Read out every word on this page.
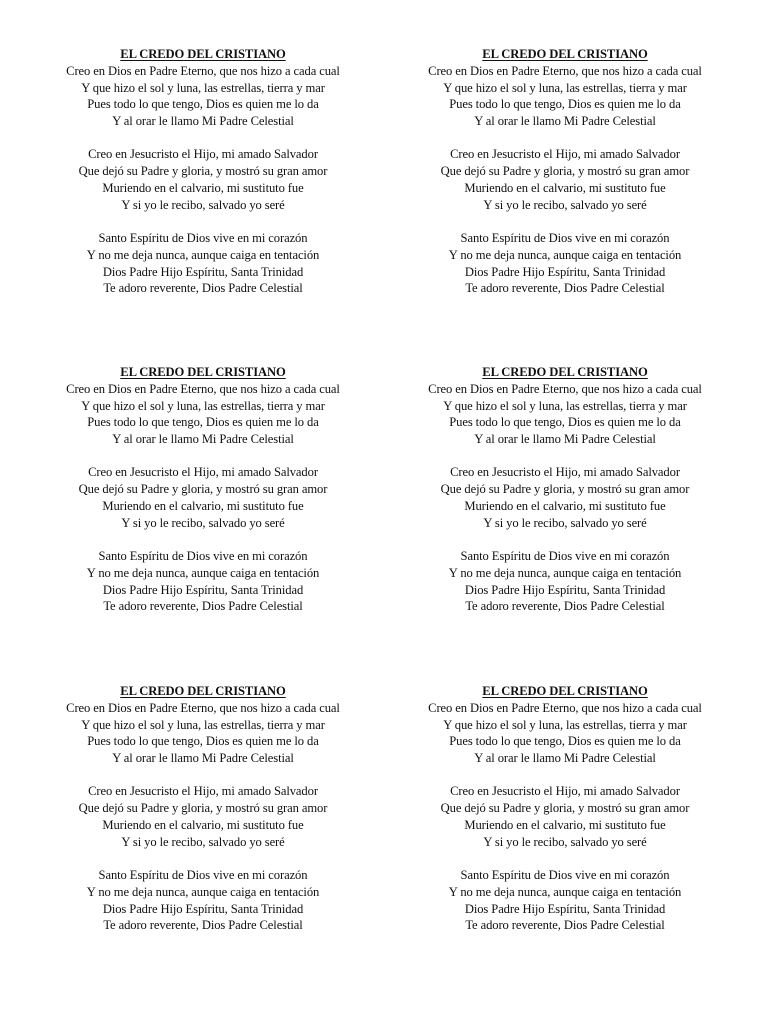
EL CREDO DEL CRISTIANO

Creo en Dios en Padre Eterno, que nos hizo a cada cual
Y que hizo el sol y luna, las estrellas, tierra y mar
Pues todo lo que tengo, Dios es quien me lo da
Y al orar le llamo Mi Padre Celestial

Creo en Jesucristo el Hijo, mi amado Salvador
Que dejó su Padre y gloria, y mostró su gran amor
Muriendo en el calvario, mi sustituto fue
Y si yo le recibo, salvado yo seré

Santo Espíritu de Dios vive en mi corazón
Y no me deja nunca, aunque caiga en tentación
Dios Padre Hijo Espíritu, Santa Trinidad
Te adoro reverente, Dios Padre Celestial

EL CREDO DEL CRISTIANO

Creo en Dios en Padre Eterno, que nos hizo a cada cual
Y que hizo el sol y luna, las estrellas, tierra y mar
Pues todo lo que tengo, Dios es quien me lo da
Y al orar le llamo Mi Padre Celestial

Creo en Jesucristo el Hijo, mi amado Salvador
Que dejó su Padre y gloria, y mostró su gran amor
Muriendo en el calvario, mi sustituto fue
Y si yo le recibo, salvado yo seré

Santo Espíritu de Dios vive en mi corazón
Y no me deja nunca, aunque caiga en tentación
Dios Padre Hijo Espíritu, Santa Trinidad
Te adoro reverente, Dios Padre Celestial

EL CREDO DEL CRISTIANO

Creo en Dios en Padre Eterno, que nos hizo a cada cual
Y que hizo el sol y luna, las estrellas, tierra y mar
Pues todo lo que tengo, Dios es quien me lo da
Y al orar le llamo Mi Padre Celestial

Creo en Jesucristo el Hijo, mi amado Salvador
Que dejó su Padre y gloria, y mostró su gran amor
Muriendo en el calvario, mi sustituto fue
Y si yo le recibo, salvado yo seré

Santo Espíritu de Dios vive en mi corazón
Y no me deja nunca, aunque caiga en tentación
Dios Padre Hijo Espíritu, Santa Trinidad
Te adoro reverente, Dios Padre Celestial

EL CREDO DEL CRISTIANO

Creo en Dios en Padre Eterno, que nos hizo a cada cual
Y que hizo el sol y luna, las estrellas, tierra y mar
Pues todo lo que tengo, Dios es quien me lo da
Y al orar le llamo Mi Padre Celestial

Creo en Jesucristo el Hijo, mi amado Salvador
Que dejó su Padre y gloria, y mostró su gran amor
Muriendo en el calvario, mi sustituto fue
Y si yo le recibo, salvado yo seré

Santo Espíritu de Dios vive en mi corazón
Y no me deja nunca, aunque caiga en tentación
Dios Padre Hijo Espíritu, Santa Trinidad
Te adoro reverente, Dios Padre Celestial

EL CREDO DEL CRISTIANO

Creo en Dios en Padre Eterno, que nos hizo a cada cual
Y que hizo el sol y luna, las estrellas, tierra y mar
Pues todo lo que tengo, Dios es quien me lo da
Y al orar le llamo Mi Padre Celestial

Creo en Jesucristo el Hijo, mi amado Salvador
Que dejó su Padre y gloria, y mostró su gran amor
Muriendo en el calvario, mi sustituto fue
Y si yo le recibo, salvado yo seré

Santo Espíritu de Dios vive en mi corazón
Y no me deja nunca, aunque caiga en tentación
Dios Padre Hijo Espíritu, Santa Trinidad
Te adoro reverente, Dios Padre Celestial

EL CREDO DEL CRISTIANO

Creo en Dios en Padre Eterno, que nos hizo a cada cual
Y que hizo el sol y luna, las estrellas, tierra y mar
Pues todo lo que tengo, Dios es quien me lo da
Y al orar le llamo Mi Padre Celestial

Creo en Jesucristo el Hijo, mi amado Salvador
Que dejó su Padre y gloria, y mostró su gran amor
Muriendo en el calvario, mi sustituto fue
Y si yo le recibo, salvado yo seré

Santo Espíritu de Dios vive en mi corazón
Y no me deja nunca, aunque caiga en tentación
Dios Padre Hijo Espíritu, Santa Trinidad
Te adoro reverente, Dios Padre Celestial
